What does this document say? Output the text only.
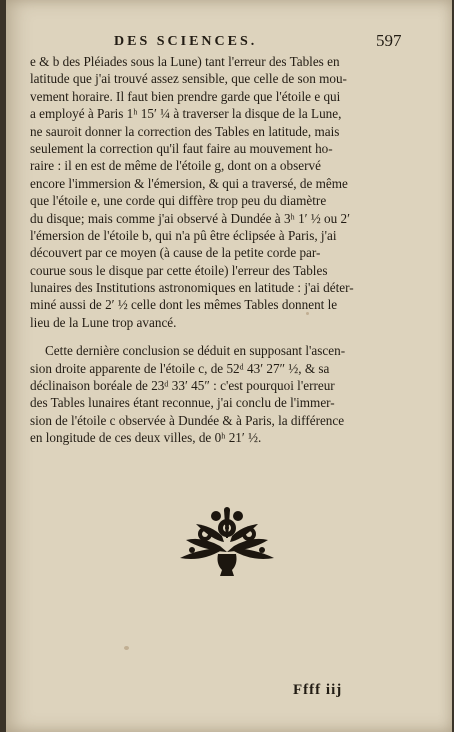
DES SCIENCES.	597
e & b des Pléiades sous la Lune) tant l'erreur des Tables en
latitude que j'ai trouvé assez sensible, que celle de son mou-
vement horaire. Il faut bien prendre garde que l'étoile e qui
a employé à Paris 1ʰ 15′ ¼ à traverser la disque de la Lune,
ne sauroit donner la correction des Tables en latitude, mais
seulement la correction qu'il faut faire au mouvement ho-
raire : il en est de même de l'étoile g, dont on a observé
encore l'immersion & l'émersion, & qui a traversé, de même
que l'étoile e, une corde qui diffère trop peu du diamètre
du disque; mais comme j'ai observé à Dundée à 3ʰ 1′ ½ ou 2′
l'émersion de l'étoile b, qui n'a pû être éclipsée à Paris, j'ai
découvert par ce moyen (à cause de la petite corde par-
courue sous le disque par cette étoile) l'erreur des Tables
lunaires des Institutions astronomiques en latitude : j'ai déter-
miné aussi de 2′ ½ celle dont les mêmes Tables donnent le
lieu de la Lune trop avancé.
Cette dernière conclusion se déduit en supposant l'ascen-
sion droite apparente de l'étoile c, de 52ᵈ 43′ 27″ ½, & sa
déclinaison boréale de 23ᵈ 33′ 45″ : c'est pourquoi l'erreur
des Tables lunaires étant reconnue, j'ai conclu de l'immer-
sion de l'étoile c observée à Dundée & à Paris, la différence
en longitude de ces deux villes, de 0ʰ 21′ ½.
Ffff iij
